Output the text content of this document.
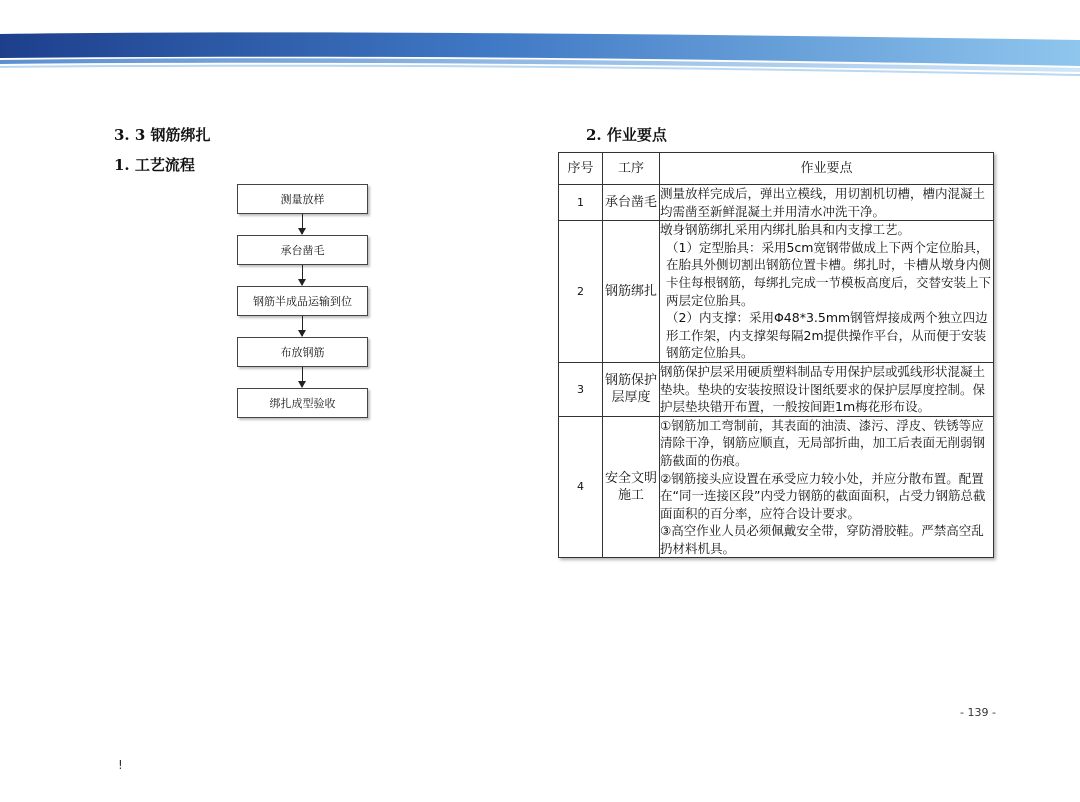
3. 3 钢筋绑扎
1. 工艺流程
2. 作业要点
测量放样
承台凿毛
钢筋半成品运输到位
布放钢筋
绑扎成型验收
序号	工序	作业要点
1	承台凿毛	测量放样完成后，弹出立模线，用切割机切槽，槽内混凝土均需凿至新鲜混凝土并用清水冲洗干净。

2	钢筋绑扎	墩身钢筋绑扎采用内绑扎胎具和内支撑工艺。

（1）定型胎具：采用5cm宽钢带做成上下两个定位胎具，在胎具外侧切割出钢筋位置卡槽。绑扎时，卡槽从墩身内侧卡住每根钢筋，每绑扎完成一节模板高度后，交替安装上下两层定位胎具。

（2）内支撑：采用Φ48*3.5mm钢管焊接成两个独立四边形工作架，内支撑架每隔2m提供操作平台，从而便于安装钢筋定位胎具。

3	钢筋保护层厚度	钢筋保护层采用硬质塑料制品专用保护层或弧线形状混凝土垫块。垫块的安装按照设计图纸要求的保护层厚度控制。保护层垫块错开布置，一般按间距1m梅花形布设。

4	安全文明施工	①钢筋加工弯制前，其表面的油渍、漆污、浮皮、铁锈等应清除干净，钢筋应顺直，无局部折曲，加工后表面无削弱钢筋截面的伤痕。

②钢筋接头应设置在承受应力较小处，并应分散布置。配置在“同一连接区段”内受力钢筋的截面面积，占受力钢筋总截面面积的百分率，应符合设计要求。

③高空作业人员必须佩戴安全带，穿防滑胶鞋。严禁高空乱扔材料机具。

- 139 -
!
